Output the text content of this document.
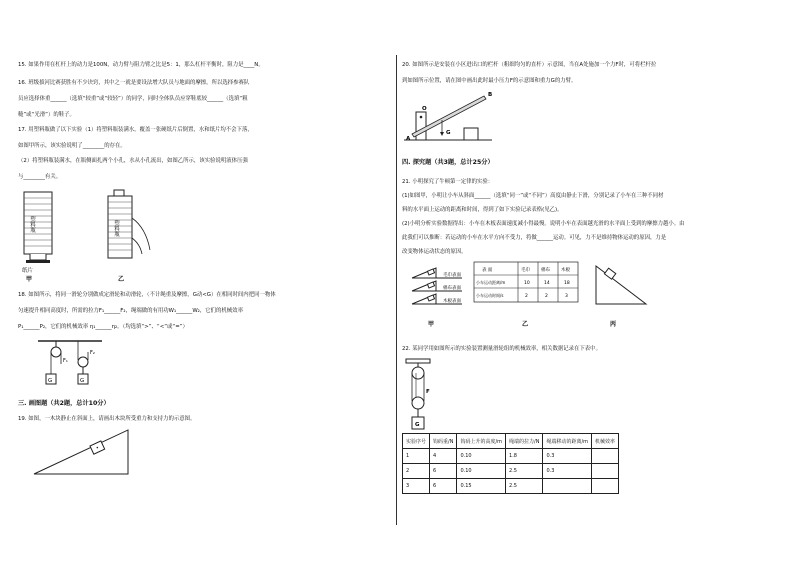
15. 如果作用在杠杆上的动力是100N，动力臂与阻力臂之比是5：1，那么杠杆平衡时，阻力是____N。
16. 班级拔河比赛获胜有不少诀窍，其中之一就是要设法增大队员与地面的摩擦，所以选择参赛队
员应选择体重______（选填“较重”或“较轻”）的同学，同时全体队员应穿鞋底较______（选填“粗
糙”或“光滑”）的鞋子。
17. 用塑料瓶做了以下实验（1）将塑料瓶装满水，覆盖一张硬纸片后倒置，水和纸片均不会下落，
如图甲所示，该实验说明了________的存在。
（2）将塑料瓶装满水，在瓶侧面扎两个小孔，水从小孔流出，如图乙所示，该实验说明液体压强
与________有关。
塑料瓶
纸片
甲
塑料瓶
乙
18. 如图所示，将同一滑轮分别做成定滑轮和动滑轮，（不计绳重及摩擦，G动<G）在相同时间内把同一物体
匀速提升相同高度时，所需的拉力F₁______F₂，绳端做的有用功W₁______W₂，它们的机械效率
P₁______P₂，它们的机械效率 η₁______η₂。（均选填“>”、“<”或“=”）
F₁
G
F₂
G
三. 画图题（共2题，总计10分）
19. 如图，一木块静止在斜面上，请画出木块所受重力和支持力的示意图。
20. 如图所示是安装在小区进出口的栏杆（粗细均匀的直杆）示意图，当在A处施加一个力F时，可将栏杆拉
到如图所示位置，请在图中画出此时最小压力F的示意图和重力G的力臂。
A
O
B
G
四. 探究题（共3题，总计25分）
21. 小明探究了牛顿第一定律的实验：
(1)如图甲，小明让小车从斜面______（选填“同一”或“不同”）高度由静止下滑，分别记录了小车在三种不同材
料的水平面上运动的距离和时间，得到了如下实验记录表格(见乙)。
(2)小明分析实验数据得出：小车在木板表面速度减小得最慢。说明小车在表面越光滑的水平面上受到的摩擦力越小。由
此我们可以推断：若运动的小车在水平方向不受力，将做______运动。可见，力不是维持物体运动的原因，力是
改变物体运动状态的原因。
毛巾表面
棉布表面
木板表面
甲
表 面	毛巾 棉布 木板
小车运动距离/m	10	14	18
小车运动时间/s	2	2	3
乙	丙
22. 某同学用如图所示的实验装置测量滑轮组的机械效率，相关数据记录在下表中。
F
G
实验序号	钩码重/N	钩码上升的高度/m	绳端的拉力/N	绳端移动的距离/m	机械效率
1	4	0.10	1.8	0.3	
2	6	0.10	2.5	0.3	
3	6	0.15	2.5		
